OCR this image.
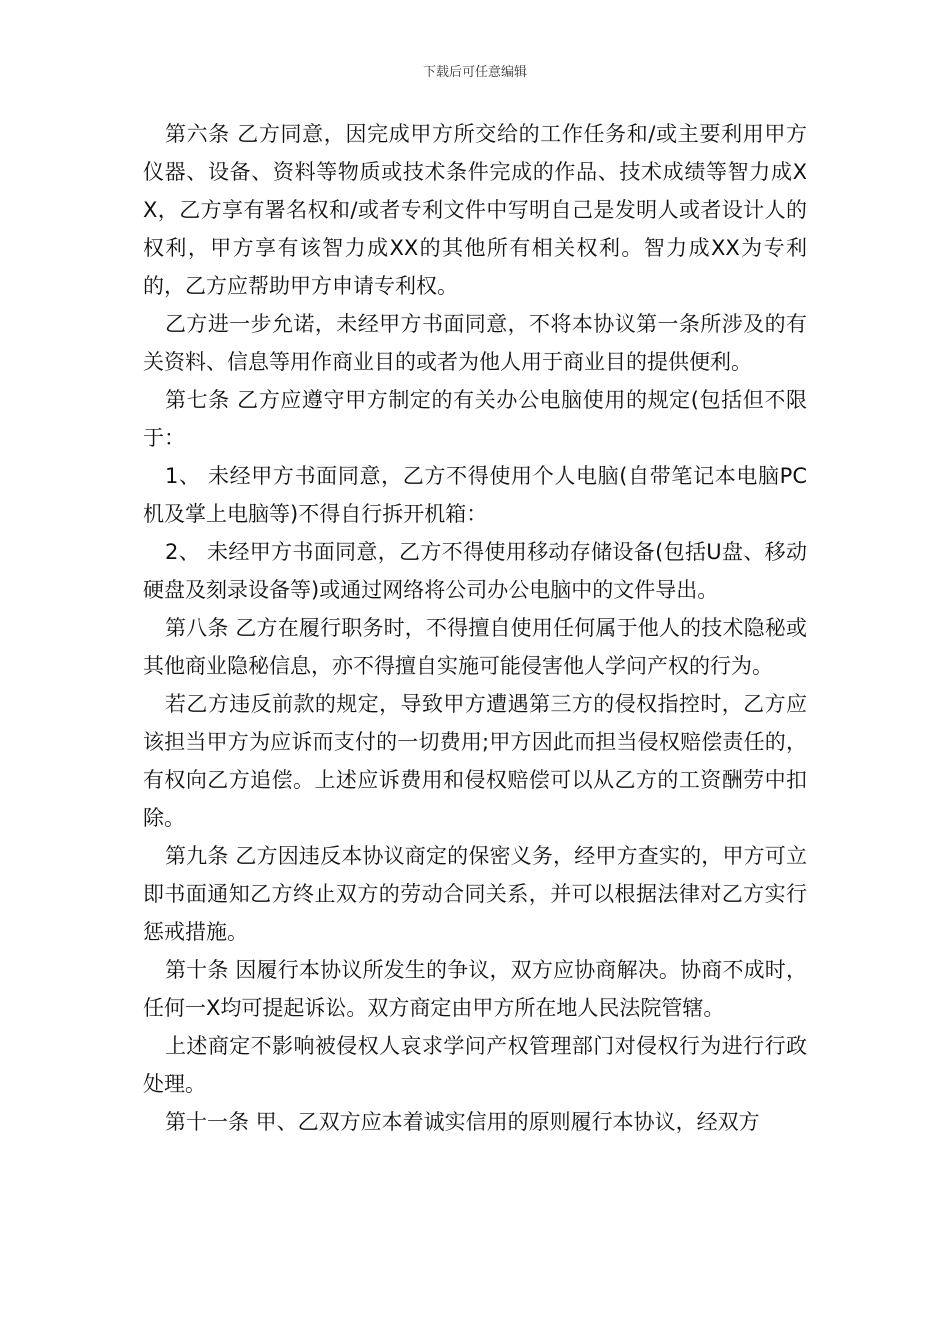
下载后可任意编辑

第六条 乙方同意，因完成甲方所交给的工作任务和/或主要利用甲方仪器、设备、资料等物质或技术条件完成的作品、技术成绩等智力成XX，乙方享有署名权和/或者专利文件中写明自己是发明人或者设计人的权利，甲方享有该智力成XX的其他所有相关权利。智力成XX为专利的，乙方应帮助甲方申请专利权。

乙方进一步允诺，未经甲方书面同意，不将本协议第一条所涉及的有关资料、信息等用作商业目的或者为他人用于商业目的提供便利。

第七条 乙方应遵守甲方制定的有关办公电脑使用的规定(包括但不限于：

1、 未经甲方书面同意，乙方不得使用个人电脑(自带笔记本电脑PC机及掌上电脑等)不得自行拆开机箱：

2、 未经甲方书面同意，乙方不得使用移动存储设备(包括U盘、移动硬盘及刻录设备等)或通过网络将公司办公电脑中的文件导出。

第八条 乙方在履行职务时，不得擅自使用任何属于他人的技术隐秘或其他商业隐秘信息，亦不得擅自实施可能侵害他人学问产权的行为。

若乙方违反前款的规定，导致甲方遭遇第三方的侵权指控时，乙方应该担当甲方为应诉而支付的一切费用;甲方因此而担当侵权赔偿责任的，有权向乙方追偿。上述应诉费用和侵权赔偿可以从乙方的工资酬劳中扣除。

第九条 乙方因违反本协议商定的保密义务，经甲方查实的，甲方可立即书面通知乙方终止双方的劳动合同关系，并可以根据法律对乙方实行惩戒措施。

第十条 因履行本协议所发生的争议，双方应协商解决。协商不成时，任何一X均可提起诉讼。双方商定由甲方所在地人民法院管辖。

上述商定不影响被侵权人哀求学问产权管理部门对侵权行为进行行政处理。

第十一条 甲、乙双方应本着诚实信用的原则履行本协议，经双方
